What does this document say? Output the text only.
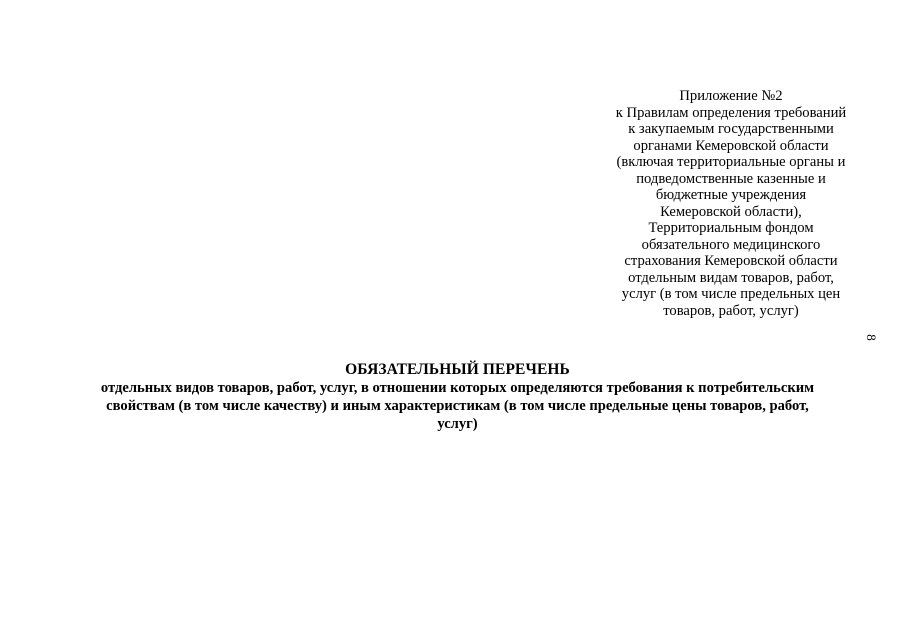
Приложение №2
к Правилам определения требований
к закупаемым государственными
органами Кемеровской области
(включая территориальные органы и
подведомственные казенные и
бюджетные учреждения
Кемеровской области),
Территориальным фондом
обязательного медицинского
страхования Кемеровской области
отдельным видам товаров, работ,
услуг (в том числе предельных цен
товаров, работ, услуг)
8
ОБЯЗАТЕЛЬНЫЙ ПЕРЕЧЕНЬ
отдельных видов товаров, работ, услуг, в отношении которых определяются требования к потребительским
свойствам (в том числе качеству) и иным характеристикам (в том числе предельные цены товаров, работ,
услуг)
